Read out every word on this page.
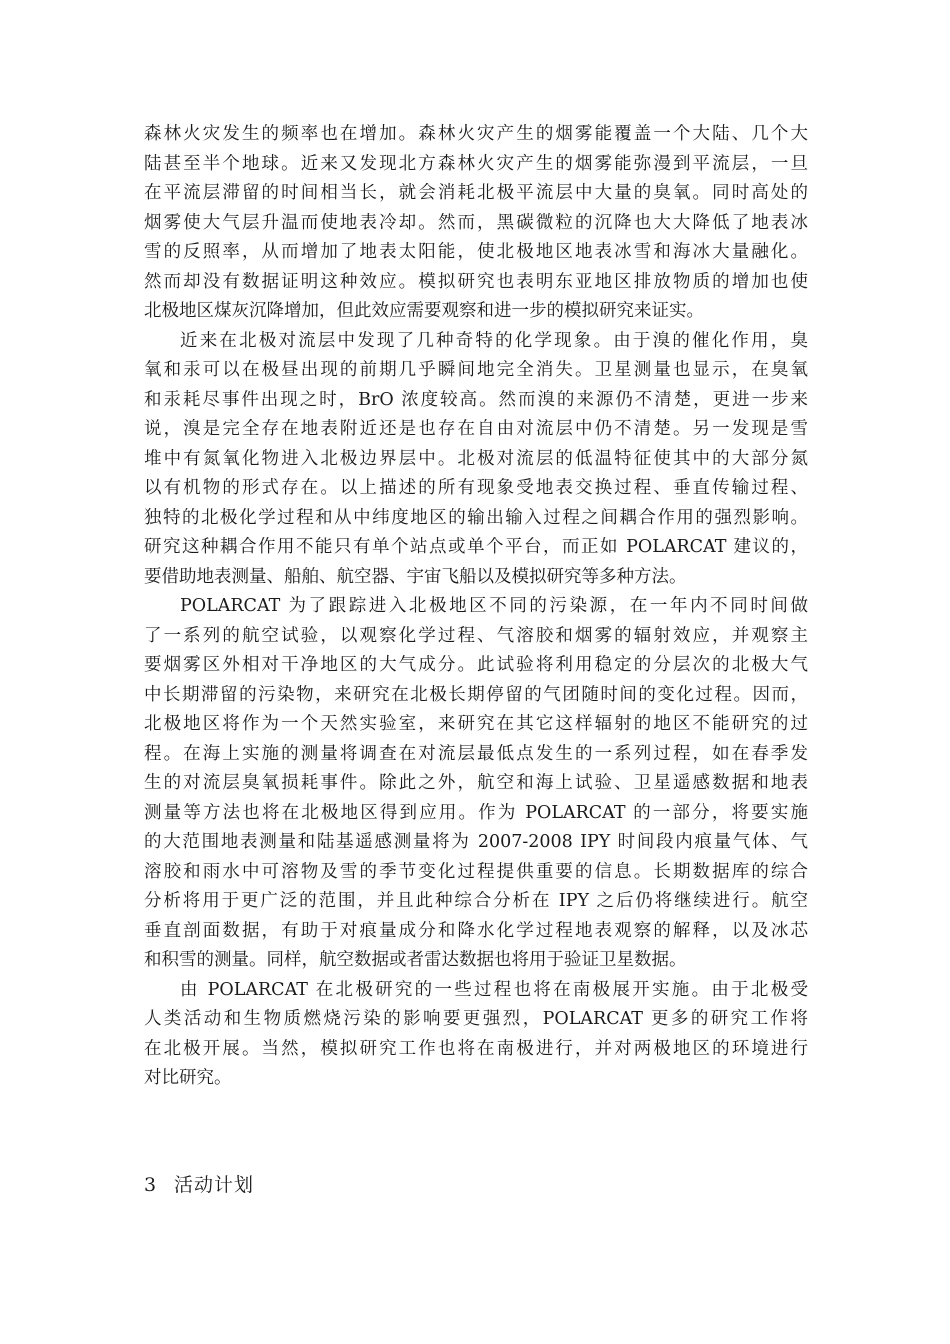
森林火灾发生的频率也在增加。森林火灾产生的烟雾能覆盖一个大陆、几个大
陆甚至半个地球。近来又发现北方森林火灾产生的烟雾能弥漫到平流层，一旦
在平流层滞留的时间相当长，就会消耗北极平流层中大量的臭氧。同时高处的
烟雾使大气层升温而使地表冷却。然而，黑碳微粒的沉降也大大降低了地表冰
雪的反照率，从而增加了地表太阳能，使北极地区地表冰雪和海冰大量融化。
然而却没有数据证明这种效应。模拟研究也表明东亚地区排放物质的增加也使
北极地区煤灰沉降增加，但此效应需要观察和进一步的模拟研究来证实。

近来在北极对流层中发现了几种奇特的化学现象。由于溴的催化作用，臭
氧和汞可以在极昼出现的前期几乎瞬间地完全消失。卫星测量也显示，在臭氧
和汞耗尽事件出现之时，BrO 浓度较高。然而溴的来源仍不清楚，更进一步来
说，溴是完全存在地表附近还是也存在自由对流层中仍不清楚。另一发现是雪
堆中有氮氧化物进入北极边界层中。北极对流层的低温特征使其中的大部分氮
以有机物的形式存在。以上描述的所有现象受地表交换过程、垂直传输过程、
独特的北极化学过程和从中纬度地区的输出输入过程之间耦合作用的强烈影响。
研究这种耦合作用不能只有单个站点或单个平台，而正如 POLARCAT 建议的，
要借助地表测量、船舶、航空器、宇宙飞船以及模拟研究等多种方法。

POLARCAT 为了跟踪进入北极地区不同的污染源，在一年内不同时间做
了一系列的航空试验，以观察化学过程、气溶胶和烟雾的辐射效应，并观察主
要烟雾区外相对干净地区的大气成分。此试验将利用稳定的分层次的北极大气
中长期滞留的污染物，来研究在北极长期停留的气团随时间的变化过程。因而，
北极地区将作为一个天然实验室，来研究在其它这样辐射的地区不能研究的过
程。在海上实施的测量将调查在对流层最低点发生的一系列过程，如在春季发
生的对流层臭氧损耗事件。除此之外，航空和海上试验、卫星遥感数据和地表
测量等方法也将在北极地区得到应用。作为 POLARCAT 的一部分，将要实施
的大范围地表测量和陆基遥感测量将为 2007-2008 IPY 时间段内痕量气体、气
溶胶和雨水中可溶物及雪的季节变化过程提供重要的信息。长期数据库的综合
分析将用于更广泛的范围，并且此种综合分析在 IPY 之后仍将继续进行。航空
垂直剖面数据，有助于对痕量成分和降水化学过程地表观察的解释，以及冰芯
和积雪的测量。同样，航空数据或者雷达数据也将用于验证卫星数据。

由 POLARCAT 在北极研究的一些过程也将在南极展开实施。由于北极受
人类活动和生物质燃烧污染的影响要更强烈，POLARCAT 更多的研究工作将
在北极开展。当然，模拟研究工作也将在南极进行，并对两极地区的环境进行
对比研究。

3 活动计划
